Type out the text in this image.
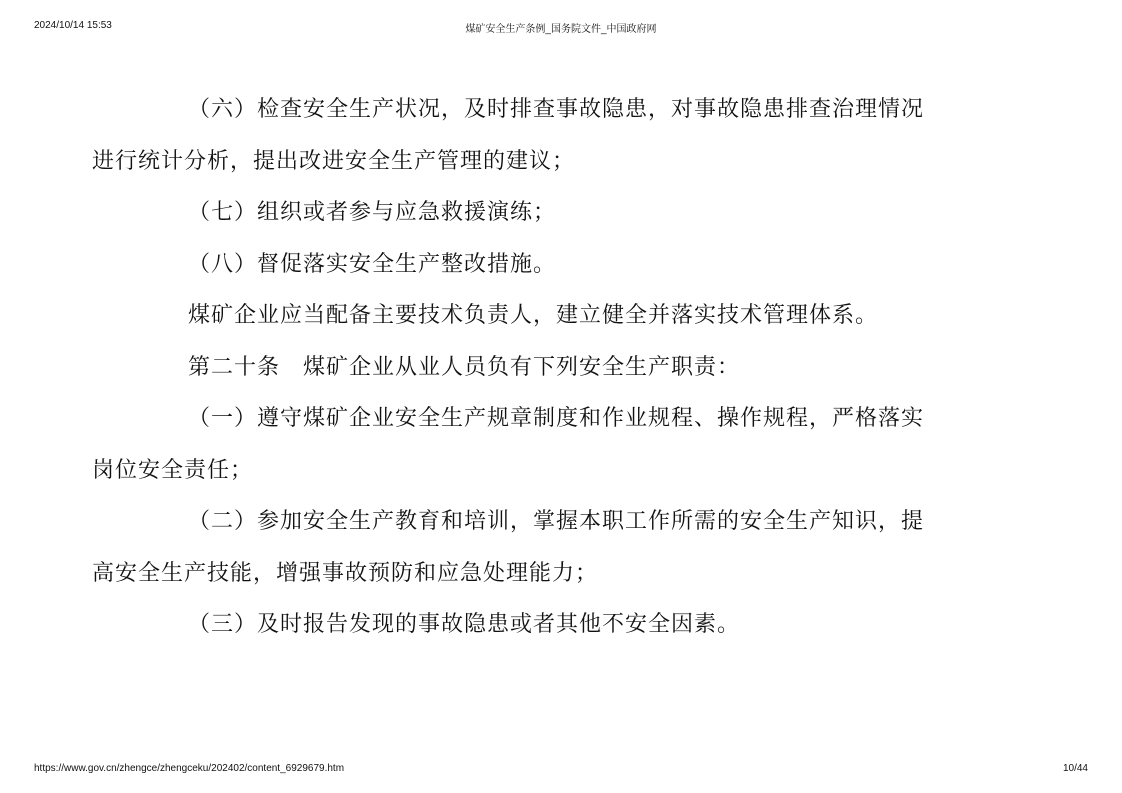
2024/10/14 15:53	煤矿安全生产条例_国务院文件_中国政府网
（六）检查安全生产状况，及时排查事故隐患，对事故隐患排查治理情况
进行统计分析，提出改进安全生产管理的建议；
（七）组织或者参与应急救援演练；
（八）督促落实安全生产整改措施。
煤矿企业应当配备主要技术负责人，建立健全并落实技术管理体系。
第二十条　煤矿企业从业人员负有下列安全生产职责：
（一）遵守煤矿企业安全生产规章制度和作业规程、操作规程，严格落实
岗位安全责任；
（二）参加安全生产教育和培训，掌握本职工作所需的安全生产知识，提
高安全生产技能，增强事故预防和应急处理能力；
（三）及时报告发现的事故隐患或者其他不安全因素。
https://www.gov.cn/zhengce/zhengceku/202402/content_6929679.htm	10/44
